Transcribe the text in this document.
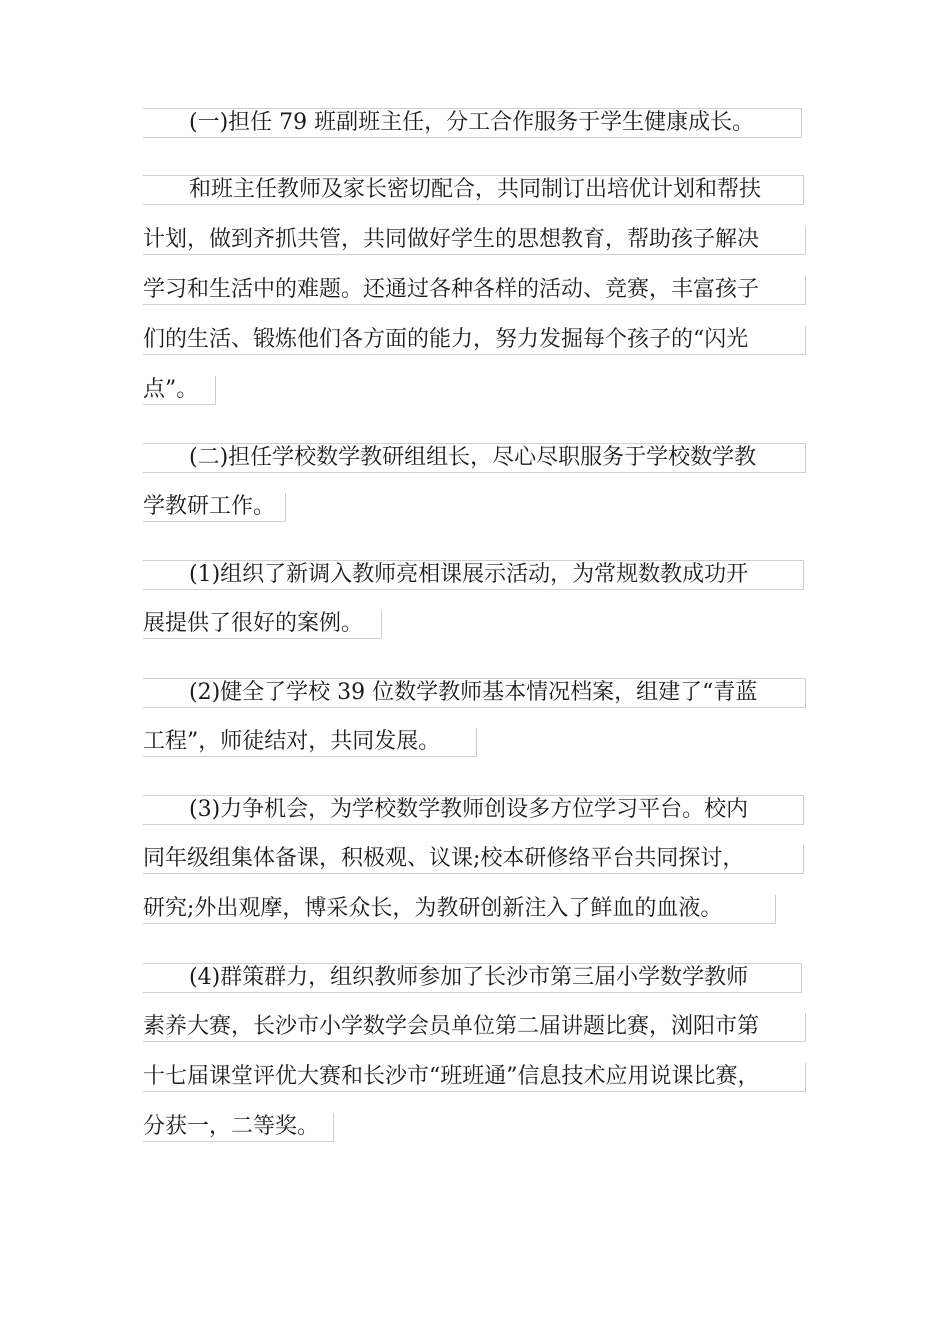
(一)担任 79 班副班主任，分工合作服务于学生健康成长。
和班主任教师及家长密切配合，共同制订出培优计划和帮扶
计划，做到齐抓共管，共同做好学生的思想教育，帮助孩子解决
学习和生活中的难题。还通过各种各样的活动、竞赛，丰富孩子
们的生活、锻炼他们各方面的能力，努力发掘每个孩子的“闪光
点”。
(二)担任学校数学教研组组长，尽心尽职服务于学校数学教
学教研工作。
(1)组织了新调入教师亮相课展示活动，为常规数教成功开
展提供了很好的案例。
(2)健全了学校 39 位数学教师基本情况档案，组建了“青蓝
工程”，师徒结对，共同发展。
(3)力争机会，为学校数学教师创设多方位学习平台。校内
同年级组集体备课，积极观、议课;校本研修络平台共同探讨，
研究;外出观摩，博采众长，为教研创新注入了鲜血的血液。
(4)群策群力，组织教师参加了长沙市第三届小学数学教师
素养大赛，长沙市小学数学会员单位第二届讲题比赛，浏阳市第
十七届课堂评优大赛和长沙市“班班通”信息技术应用说课比赛，
分获一，二等奖。
